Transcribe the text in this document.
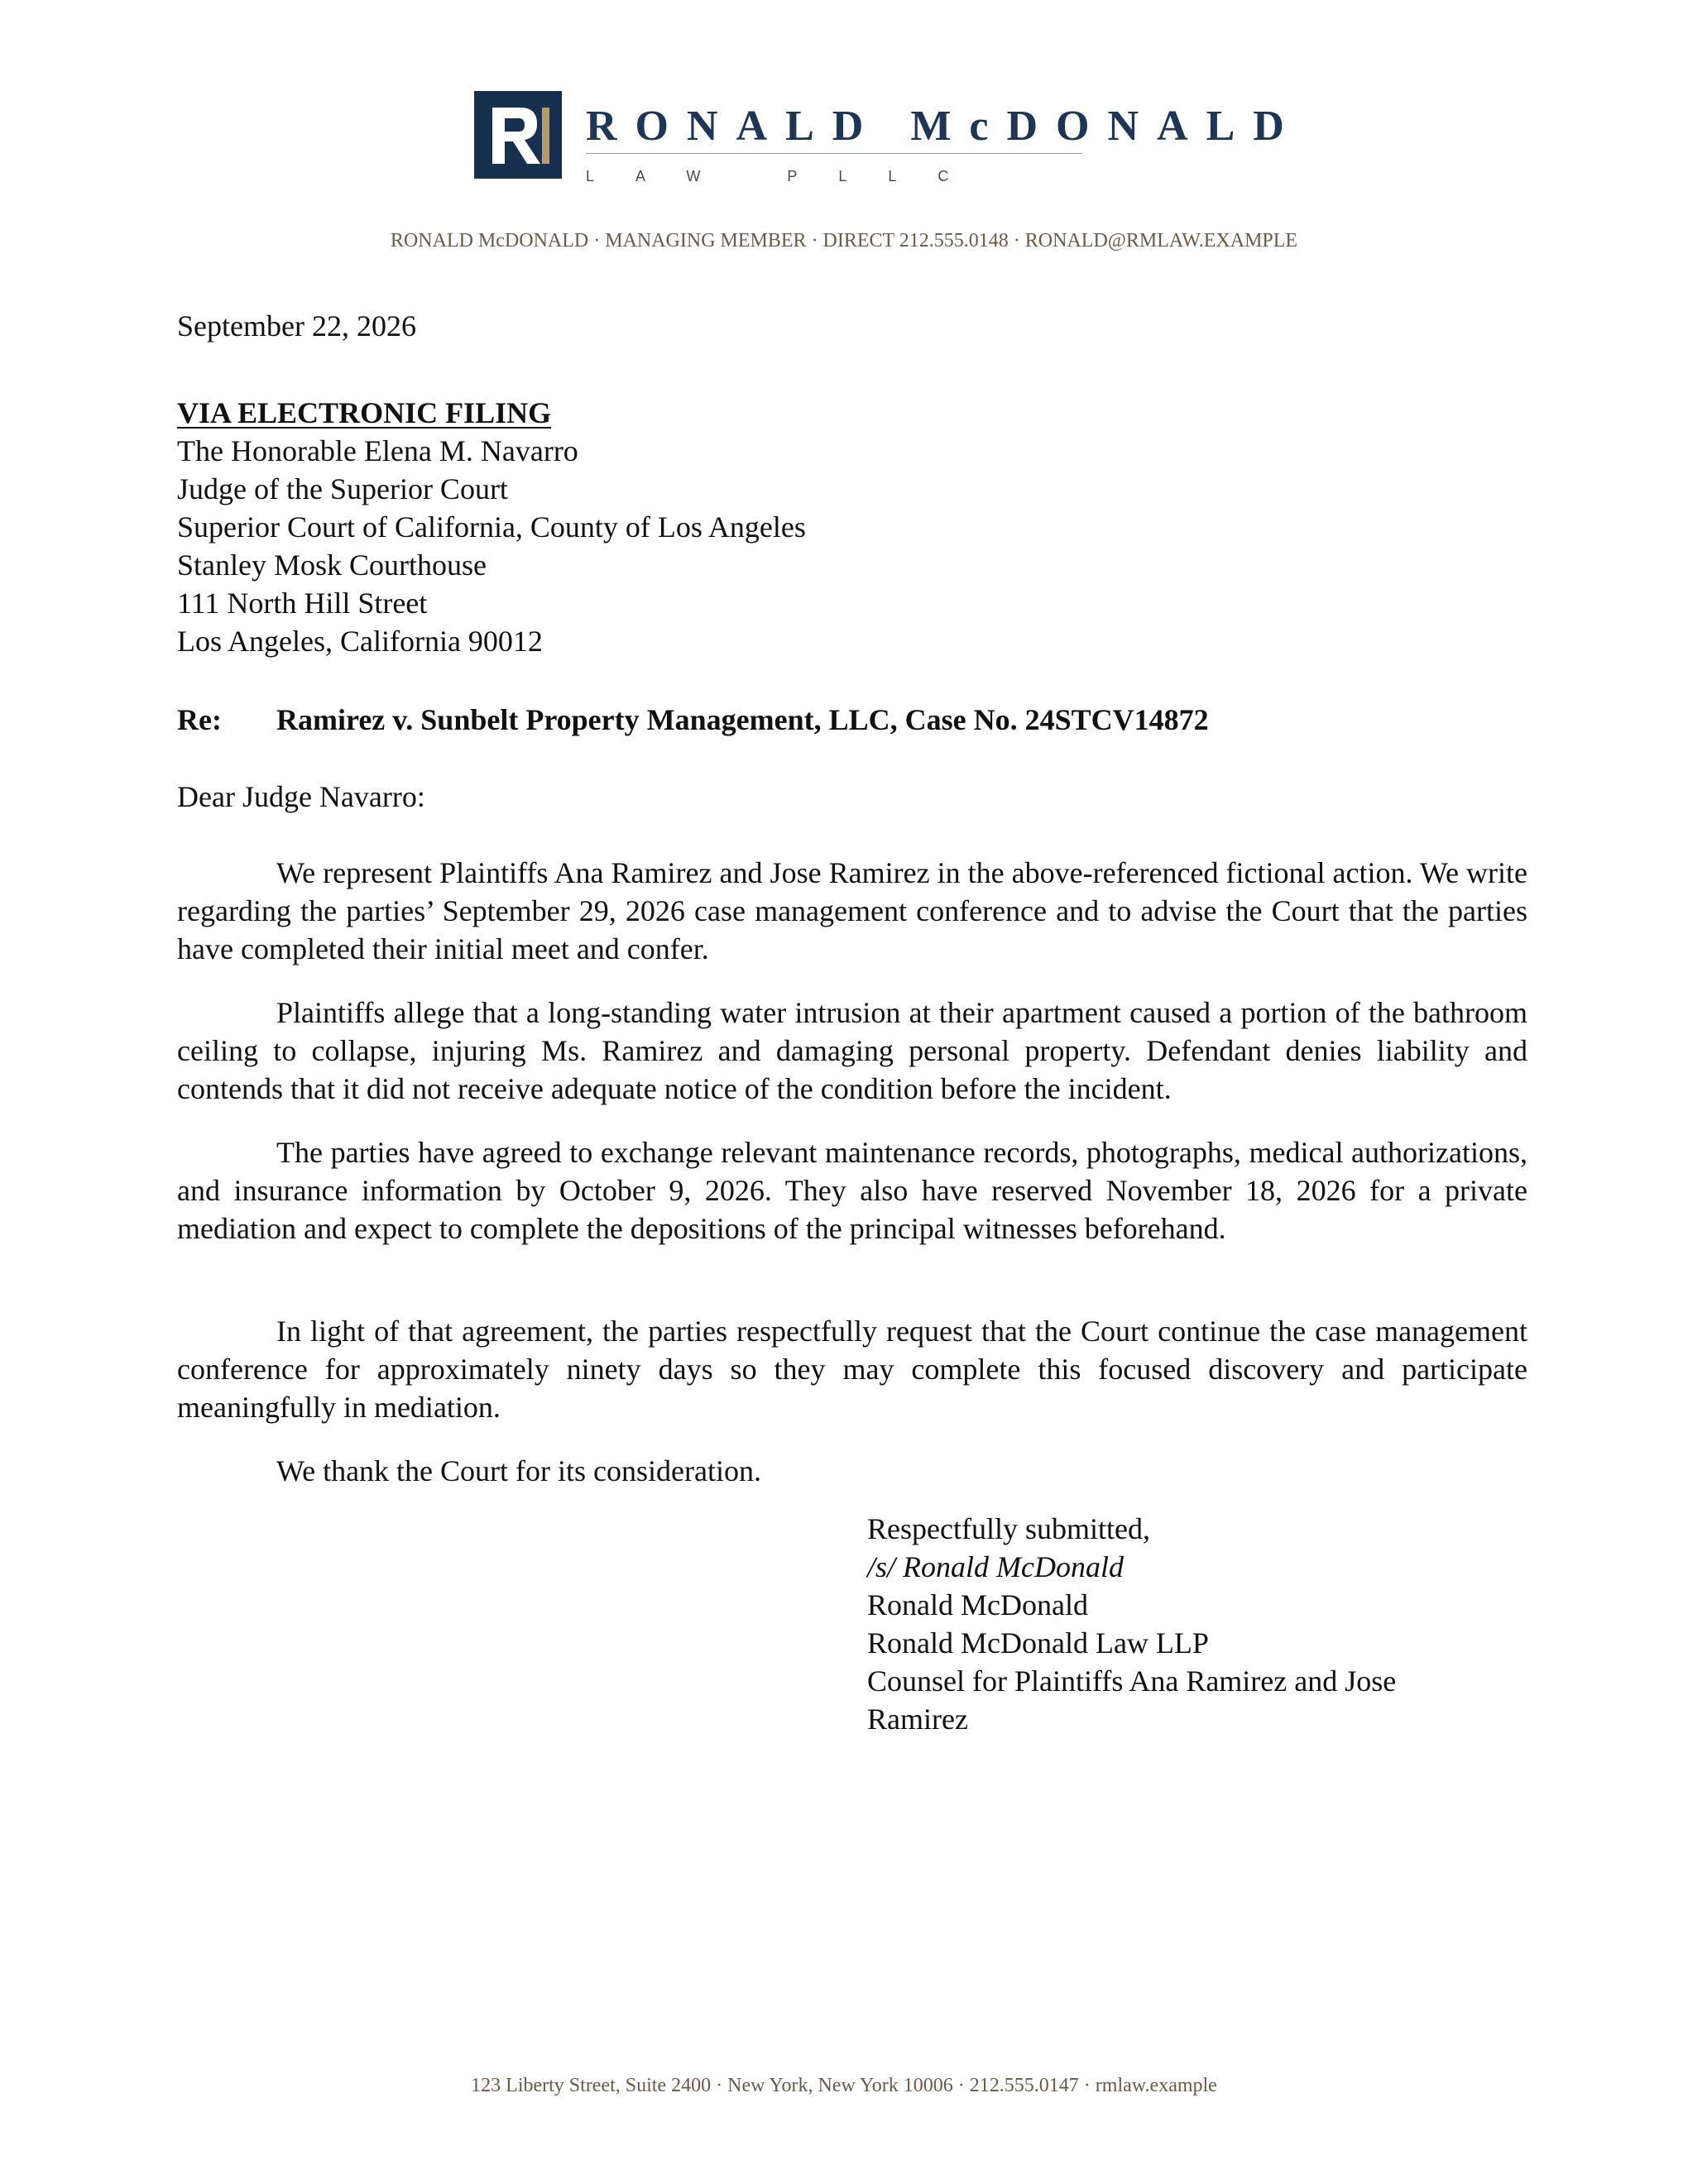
RONALD McDONALD
LAW PLLC
RONALD McDONALD · MANAGING MEMBER · DIRECT 212.555.0148 · RONALD@RMLAW.EXAMPLE
September 22, 2026
VIA ELECTRONIC FILING
The Honorable Elena M. Navarro
Judge of the Superior Court
Superior Court of California, County of Los Angeles
Stanley Mosk Courthouse
111 North Hill Street
Los Angeles, California 90012
Re: Ramirez v. Sunbelt Property Management, LLC, Case No. 24STCV14872
Dear Judge Navarro:

We represent Plaintiffs Ana Ramirez and Jose Ramirez in the above-referenced fictional action. We write regarding the parties’ September 29, 2026 case management conference and to advise the Court that the parties have completed their initial meet and confer.

Plaintiffs allege that a long-standing water intrusion at their apartment caused a portion of the bathroom ceiling to collapse, injuring Ms. Ramirez and damaging personal property. Defendant denies liability and contends that it did not receive adequate notice of the condition before the incident.

The parties have agreed to exchange relevant maintenance records, photographs, medical authorizations, and insurance information by October 9, 2026. They also have reserved November 18, 2026 for a private mediation and expect to complete the depositions of the principal witnesses beforehand.

In light of that agreement, the parties respectfully request that the Court continue the case management conference for approximately ninety days so they may complete this focused discovery and participate meaningfully in mediation.

We thank the Court for its consideration.

Respectfully submitted,
/s/ Ronald McDonald
Ronald McDonald
Ronald McDonald Law LLP
Counsel for Plaintiffs Ana Ramirez and Jose Ramirez
123 Liberty Street, Suite 2400 · New York, New York 10006 · 212.555.0147 · rmlaw.example
